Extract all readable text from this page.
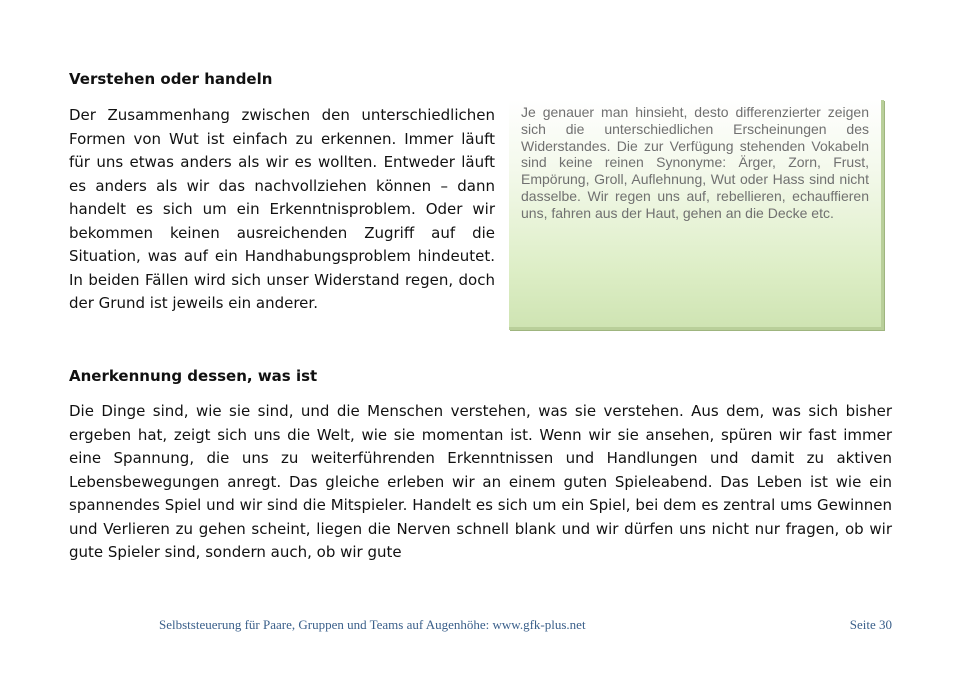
Verstehen oder handeln

Der Zusammenhang zwischen den unterschiedlichen Formen von Wut ist einfach zu erkennen. Immer läuft für uns etwas anders als wir es wollten. Entweder läuft es anders als wir das nachvollziehen können – dann handelt es sich um ein Erkenntnisproblem. Oder wir bekommen keinen ausreichenden Zugriff auf die Situation, was auf ein Handhabungsproblem hindeutet. In beiden Fällen wird sich unser Widerstand regen, doch der Grund ist jeweils ein anderer.

Je genauer man hinsieht, desto differenzierter zeigen sich die unterschiedlichen Erscheinungen des Widerstandes. Die zur Verfügung stehenden Vokabeln sind keine reinen Synonyme: Ärger, Zorn, Frust, Empörung, Groll, Auflehnung, Wut oder Hass sind nicht dasselbe. Wir regen uns auf, rebellieren, echauffieren uns, fahren aus der Haut, gehen an die Decke etc.

Anerkennung dessen, was ist

Die Dinge sind, wie sie sind, und die Menschen verstehen, was sie verstehen. Aus dem, was sich bisher ergeben hat, zeigt sich uns die Welt, wie sie momentan ist. Wenn wir sie ansehen, spüren wir fast immer eine Spannung, die uns zu weiterführenden Erkenntnissen und Handlungen und damit zu aktiven Lebensbewegungen anregt. Das gleiche erleben wir an einem guten Spieleabend. Das Leben ist wie ein spannendes Spiel und wir sind die Mitspieler. Handelt es sich um ein Spiel, bei dem es zentral ums Gewinnen und Verlieren zu gehen scheint, liegen die Nerven schnell blank und wir dürfen uns nicht nur fragen, ob wir gute Spieler sind, sondern auch, ob wir gute

Selbststeuerung für Paare, Gruppen und Teams auf Augenhöhe: www.gfk-plus.net	Seite 30
